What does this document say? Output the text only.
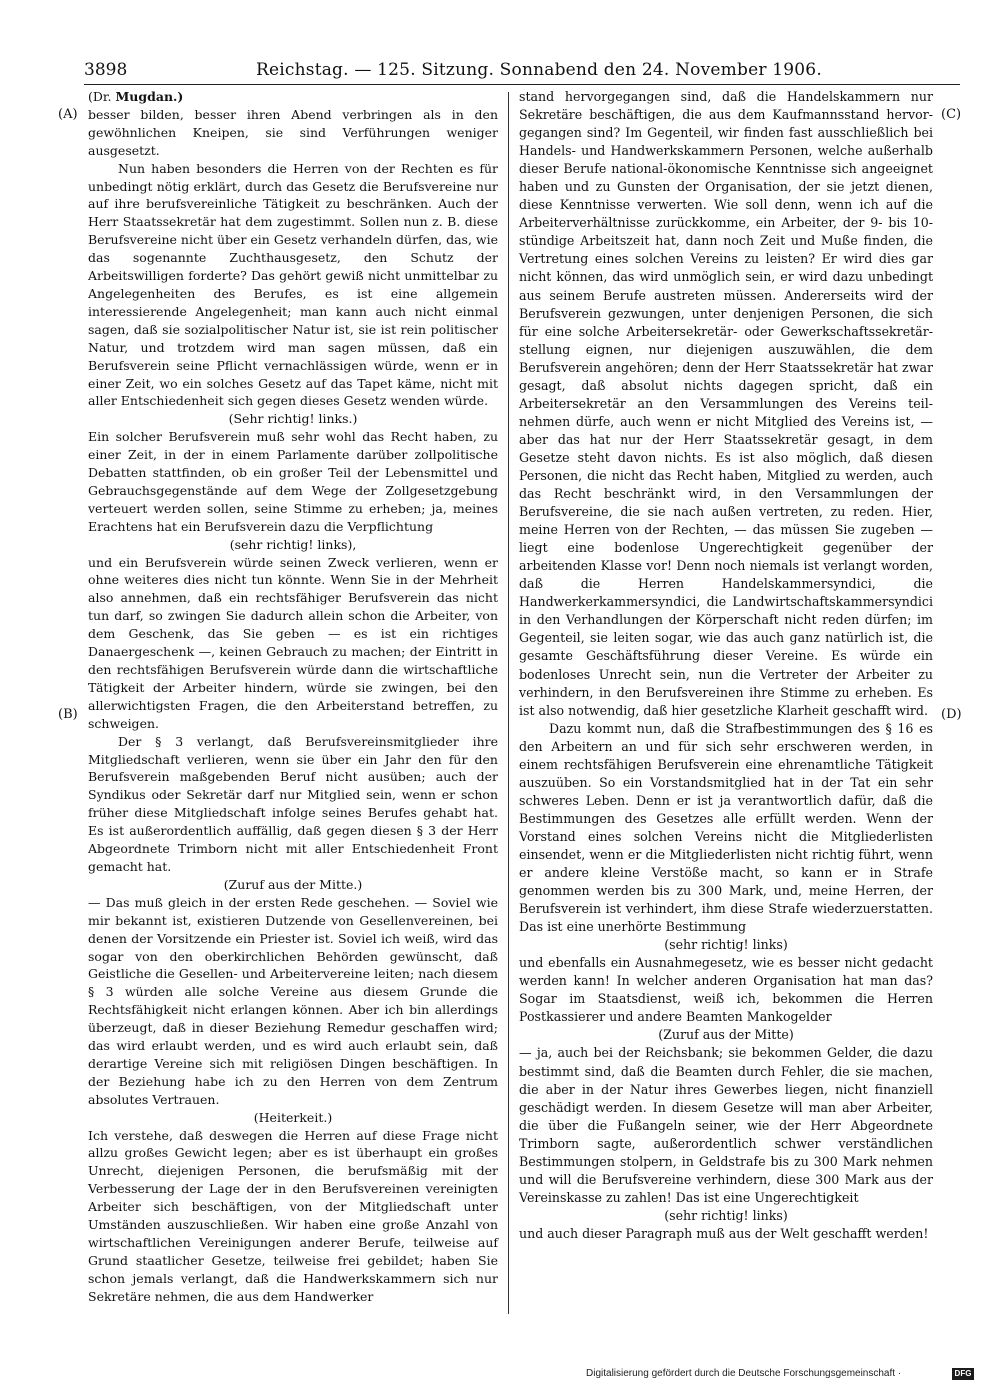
3898	Reichstag. — 125. Sitzung. Sonnabend den 24. November 1906.
(A)
(B)
(C)
(D)

(Dr. Mugdan.)

besser bilden, besser ihren Abend verbringen als in den gewöhnlichen Kneipen, sie sind Verführungen weniger ausgesetzt.

Nun haben besonders die Herren von der Rechten es für unbedingt nötig erklärt, durch das Gesetz die Berufsvereine nur auf ihre berufsvereinliche Tätigkeit zu beschränken. Auch der Herr Staatssekretär hat dem zugestimmt. Sollen nun z. B. diese Berufsvereine nicht über ein Gesetz verhandeln dürfen, das, wie das sogenannte Zuchthausgesetz, den Schutz der Arbeitswilligen forderte? Das gehört gewiß nicht unmittelbar zu Angelegenheiten des Berufes, es ist eine allgemein interessierende Angelegenheit; man kann auch nicht einmal sagen, daß sie sozialpolitischer Natur ist, sie ist rein politischer Natur, und trotzdem wird man sagen müssen, daß ein Berufsverein seine Pflicht vernachlässigen würde, wenn er in einer Zeit, wo ein solches Gesetz auf das Tapet käme, nicht mit aller Entschiedenheit sich gegen dieses Gesetz wenden würde.

(Sehr richtig! links.)

Ein solcher Berufsverein muß sehr wohl das Recht haben, zu einer Zeit, in der in einem Parlamente darüber zollpolitische Debatten stattfinden, ob ein großer Teil der Lebensmittel und Gebrauchsgegenstände auf dem Wege der Zollgesetzgebung verteuert werden sollen, seine Stimme zu erheben; ja, meines Erachtens hat ein Berufsverein dazu die Verpflichtung

(sehr richtig! links),

und ein Berufsverein würde seinen Zweck verlieren, wenn er ohne weiteres dies nicht tun könnte. Wenn Sie in der Mehrheit also annehmen, daß ein rechtsfähiger Berufsverein das nicht tun darf, so zwingen Sie dadurch allein schon die Arbeiter, von dem Geschenk, das Sie geben — es ist ein richtiges Danaergeschenk —, keinen Gebrauch zu machen; der Eintritt in den rechtsfähigen Berufsverein würde dann die wirtschaftliche Tätigkeit der Arbeiter hindern, würde sie zwingen, bei den allerwichtigsten Fragen, die den Arbeiterstand betreffen, zu schweigen.

Der § 3 verlangt, daß Berufsvereinsmitglieder ihre Mitgliedschaft verlieren, wenn sie über ein Jahr den für den Berufsverein maßgebenden Beruf nicht ausüben; auch der Syndikus oder Sekretär darf nur Mitglied sein, wenn er schon früher diese Mitgliedschaft infolge seines Berufes gehabt hat. Es ist außerordentlich auffällig, daß gegen diesen § 3 der Herr Abgeordnete Trimborn nicht mit aller Entschiedenheit Front gemacht hat.

(Zuruf aus der Mitte.)

— Das muß gleich in der ersten Rede geschehen. — Soviel wie mir bekannt ist, existieren Dutzende von Gesellenvereinen, bei denen der Vorsitzende ein Priester ist. Soviel ich weiß, wird das sogar von den oberkirchlichen Behörden gewünscht, daß Geistliche die Gesellen- und Arbeitervereine leiten; nach diesem § 3 würden alle solche Vereine aus diesem Grunde die Rechtsfähigkeit nicht erlangen können. Aber ich bin allerdings überzeugt, daß in dieser Beziehung Remedur geschaffen wird; das wird erlaubt werden, und es wird auch erlaubt sein, daß derartige Vereine sich mit religiösen Dingen beschäftigen. In der Beziehung habe ich zu den Herren von dem Zentrum absolutes Vertrauen.

(Heiterkeit.)

Ich verstehe, daß deswegen die Herren auf diese Frage nicht allzu großes Gewicht legen; aber es ist überhaupt ein großes Unrecht, diejenigen Personen, die berufsmäßig mit der Verbesserung der Lage der in den Berufsvereinen vereinigten Arbeiter sich beschäftigen, von der Mitgliedschaft unter Umständen auszuschließen. Wir haben eine große Anzahl von wirtschaftlichen Vereinigungen anderer Berufe, teilweise auf Grund staatlicher Gesetze, teilweise frei gebildet; haben Sie schon jemals verlangt, daß die Handwerkskammern sich nur Sekretäre nehmen, die aus dem Handwerker

stand hervorgegangen sind, daß die Handelskammern nur Sekretäre beschäftigen, die aus dem Kaufmannsstand hervorgegangen sind? Im Gegenteil, wir finden fast ausschließlich bei Handels- und Handwerkskammern Personen, welche außerhalb dieser Berufe national-ökonomische Kenntnisse sich angeeignet haben und zu Gunsten der Organisation, der sie jetzt dienen, diese Kenntnisse verwerten. Wie soll denn, wenn ich auf die Arbeiterverhältnisse zurückkomme, ein Arbeiter, der 9- bis 10-stündige Arbeitszeit hat, dann noch Zeit und Muße finden, die Vertretung eines solchen Vereins zu leisten? Er wird dies gar nicht können, das wird unmöglich sein, er wird dazu unbedingt aus seinem Berufe austreten müssen. Andererseits wird der Berufsverein gezwungen, unter denjenigen Personen, die sich für eine solche Arbeitersekretär- oder Gewerkschaftssekretärstellung eignen, nur diejenigen auszuwählen, die dem Berufsverein angehören; denn der Herr Staatssekretär hat zwar gesagt, daß absolut nichts dagegen spricht, daß ein Arbeitersekretär an den Versammlungen des Vereins teilnehmen dürfe, auch wenn er nicht Mitglied des Vereins ist, — aber das hat nur der Herr Staatssekretär gesagt, in dem Gesetze steht davon nichts. Es ist also möglich, daß diesen Personen, die nicht das Recht haben, Mitglied zu werden, auch das Recht beschränkt wird, in den Versammlungen der Berufsvereine, die sie nach außen vertreten, zu reden. Hier, meine Herren von der Rechten, — das müssen Sie zugeben — liegt eine bodenlose Ungerechtigkeit gegenüber der arbeitenden Klasse vor! Denn noch niemals ist verlangt worden, daß die Herren Handelskammersyndici, die Handwerkerkammersyndici, die Landwirtschaftskammersyndici in den Verhandlungen der Körperschaft nicht reden dürfen; im Gegenteil, sie leiten sogar, wie das auch ganz natürlich ist, die gesamte Geschäftsführung dieser Vereine. Es würde ein bodenloses Unrecht sein, nun die Vertreter der Arbeiter zu verhindern, in den Berufsvereinen ihre Stimme zu erheben. Es ist also notwendig, daß hier gesetzliche Klarheit geschafft wird.

Dazu kommt nun, daß die Strafbestimmungen des § 16 es den Arbeitern an und für sich sehr erschweren werden, in einem rechtsfähigen Berufsverein eine ehrenamtliche Tätigkeit auszuüben. So ein Vorstandsmitglied hat in der Tat ein sehr schweres Leben. Denn er ist ja verantwortlich dafür, daß die Bestimmungen des Gesetzes alle erfüllt werden. Wenn der Vorstand eines solchen Vereins nicht die Mitgliederlisten einsendet, wenn er die Mitgliederlisten nicht richtig führt, wenn er andere kleine Verstöße macht, so kann er in Strafe genommen werden bis zu 300 Mark, und, meine Herren, der Berufsverein ist verhindert, ihm diese Strafe wiederzuerstatten. Das ist eine unerhörte Bestimmung

(sehr richtig! links)

und ebenfalls ein Ausnahmegesetz, wie es besser nicht gedacht werden kann! In welcher anderen Organisation hat man das? Sogar im Staatsdienst, weiß ich, bekommen die Herren Postkassierer und andere Beamten Mankogelder

(Zuruf aus der Mitte)

— ja, auch bei der Reichsbank; sie bekommen Gelder, die dazu bestimmt sind, daß die Beamten durch Fehler, die sie machen, die aber in der Natur ihres Gewerbes liegen, nicht finanziell geschädigt werden. In diesem Gesetze will man aber Arbeiter, die über die Fußangeln seiner, wie der Herr Abgeordnete Trimborn sagte, außerordentlich schwer verständlichen Bestimmungen stolpern, in Geldstrafe bis zu 300 Mark nehmen und will die Berufsvereine verhindern, diese 300 Mark aus der Vereinskasse zu zahlen! Das ist eine Ungerechtigkeit

(sehr richtig! links)

und auch dieser Paragraph muß aus der Welt geschafft werden!

Digitalisierung gefördert durch die Deutsche Forschungsgemeinschaft ·	DFG
